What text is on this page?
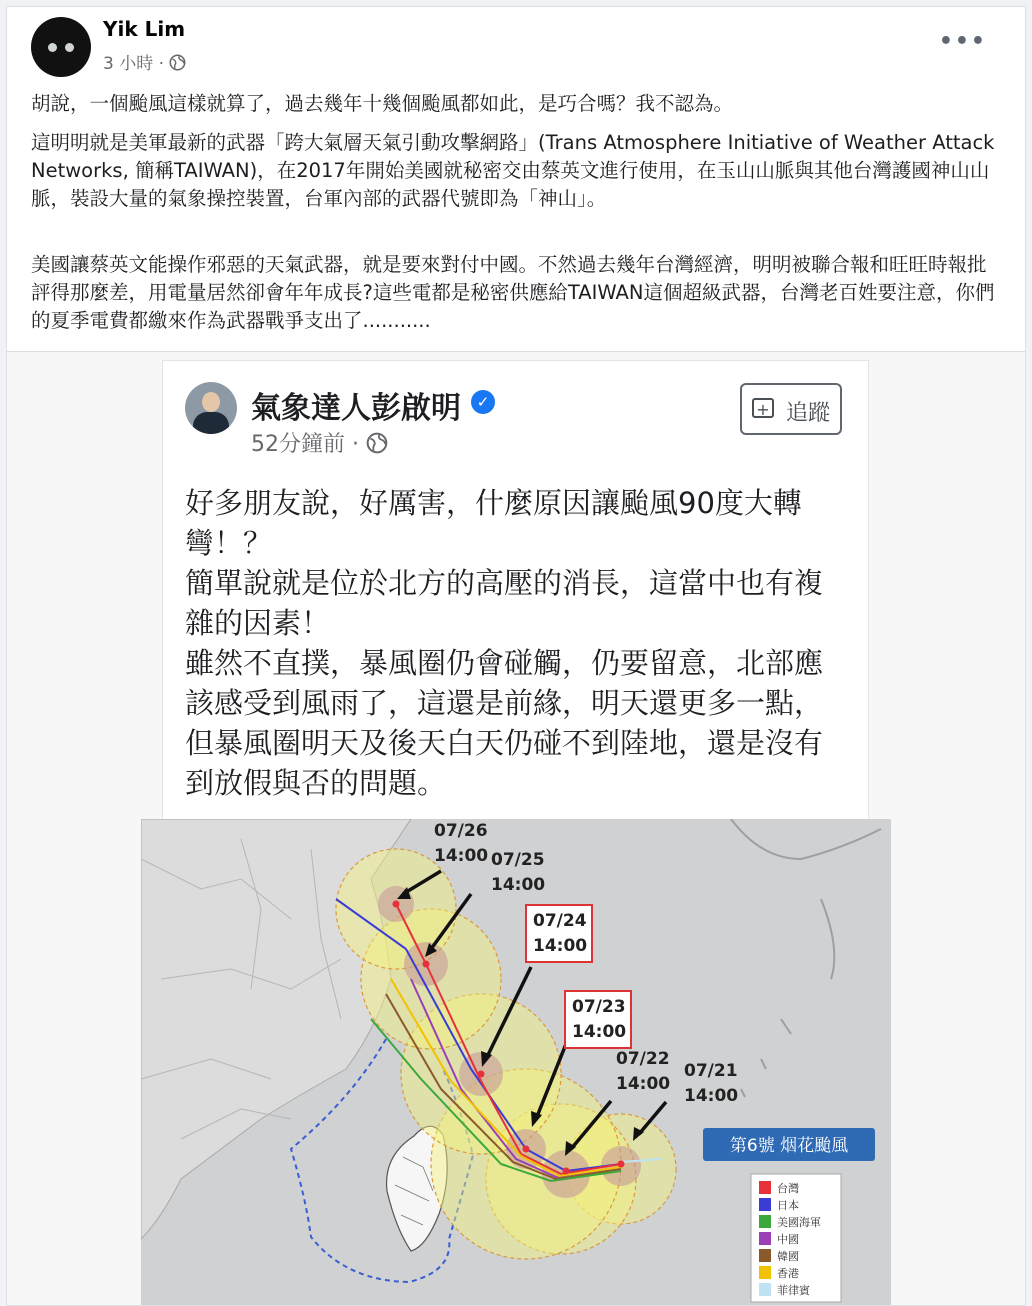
Yik Lim
3 小時 ·
•••

胡說，一個颱風這樣就算了，過去幾年十幾個颱風都如此，是巧合嗎？我不認為。

這明明就是美軍最新的武器「跨大氣層天氣引動攻擊網路」(Trans Atmosphere Initiative of Weather Attack Networks, 簡稱TAIWAN)，在2017年開始美國就秘密交由蔡英文進行使用，在玉山山脈與其他台灣護國神山山脈，裝設大量的氣象操控裝置，台軍內部的武器代號即為「神山」。

美國讓蔡英文能操作邪惡的天氣武器，就是要來對付中國。不然過去幾年台灣經濟，明明被聯合報和旺旺時報批評得那麼差，用電量居然卻會年年成長?這些電都是秘密供應給TAIWAN這個超級武器，台灣老百姓要注意，你們的夏季電費都繳來作為武器戰爭支出了...........

氣象達人彭啟明	✓
52分鐘前 ·
+ 追蹤

好多朋友說，好厲害，什麼原因讓颱風90度大轉彎！？
簡單說就是位於北方的高壓的消長，這當中也有複雜的因素！
雖然不直撲，暴風圈仍會碰觸，仍要留意，北部應該感受到風雨了，這還是前緣，明天還更多一點，但暴風圈明天及後天白天仍碰不到陸地，還是沒有到放假與否的問題。

07/26
14:00 07/25
14:00
07/24
14:00
07/23
14:00
07/22
14:00
07/21
14:00
第6號 烟花颱風
台灣
日本
美國海軍
中國
韓國
香港
菲律賓
